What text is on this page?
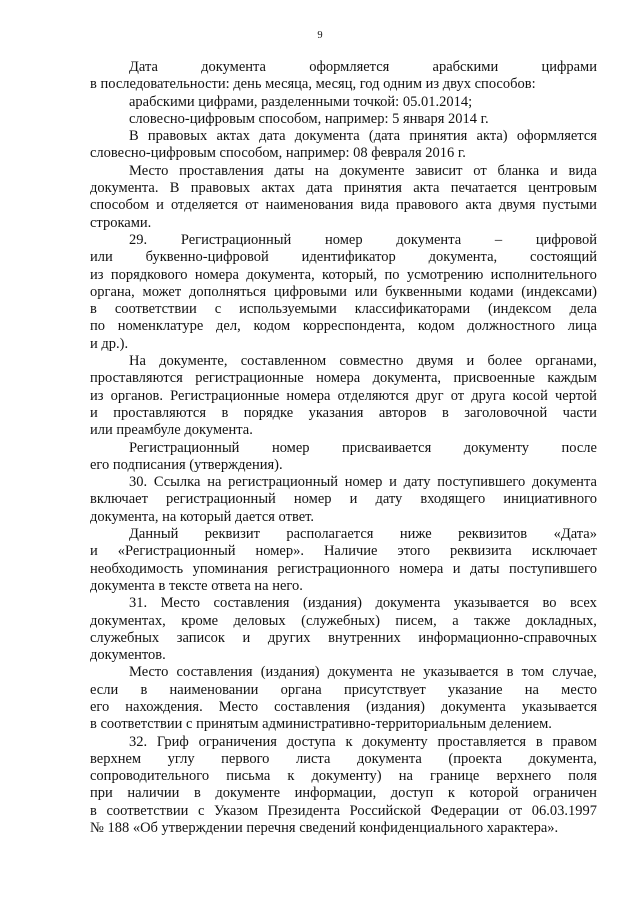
9
Дата	документа	оформляется	арабскими	цифрами
в последовательности: день месяца, месяц, год одним из двух способов:
арабскими цифрами, разделенными точкой: 05.01.2014;
словесно-цифровым способом, например: 5 января 2014 г.
В правовых актах дата документа (дата принятия акта) оформляется
словесно-цифровым способом, например: 08 февраля 2016 г.
Место проставления даты на документе зависит от бланка и вида
документа. В правовых актах дата принятия акта печатается центровым
способом и отделяется от наименования вида правового акта двумя пустыми
строками.
29. Регистрационный номер документа – цифровой
или буквенно-цифровой идентификатор документа, состоящий
из порядкового номера документа, который, по усмотрению исполнительного
органа, может дополняться цифровыми или буквенными кодами (индексами)
в соответствии с используемыми классификаторами (индексом дела
по номенклатуре дел, кодом корреспондента, кодом должностного лица
и др.).
На документе, составленном совместно двумя и более органами,
проставляются регистрационные номера документа, присвоенные каждым
из органов. Регистрационные номера отделяются друг от друга косой чертой
и проставляются в порядке указания авторов в заголовочной части
или преамбуле документа.
Регистрационный номер присваивается документу после
его подписания (утверждения).
30. Ссылка на регистрационный номер и дату поступившего документа
включает регистрационный номер и дату входящего инициативного
документа, на который дается ответ.
Данный реквизит располагается ниже реквизитов «Дата»
и «Регистрационный номер». Наличие этого реквизита исключает
необходимость упоминания регистрационного номера и даты поступившего
документа в тексте ответа на него.
31. Место составления (издания) документа указывается во всех
документах, кроме деловых (служебных) писем, а также докладных,
служебных записок и других внутренних информационно-справочных
документов.
Место составления (издания) документа не указывается в том случае,
если в наименовании органа присутствует указание на место
его нахождения. Место составления (издания) документа указывается
в соответствии с принятым административно-территориальным делением.
32. Гриф ограничения доступа к документу проставляется в правом
верхнем углу первого листа документа (проекта документа,
сопроводительного письма к документу) на границе верхнего поля
при наличии в документе информации, доступ к которой ограничен
в соответствии с Указом Президента Российской Федерации от 06.03.1997
№ 188 «Об утверждении перечня сведений конфиденциального характера».
